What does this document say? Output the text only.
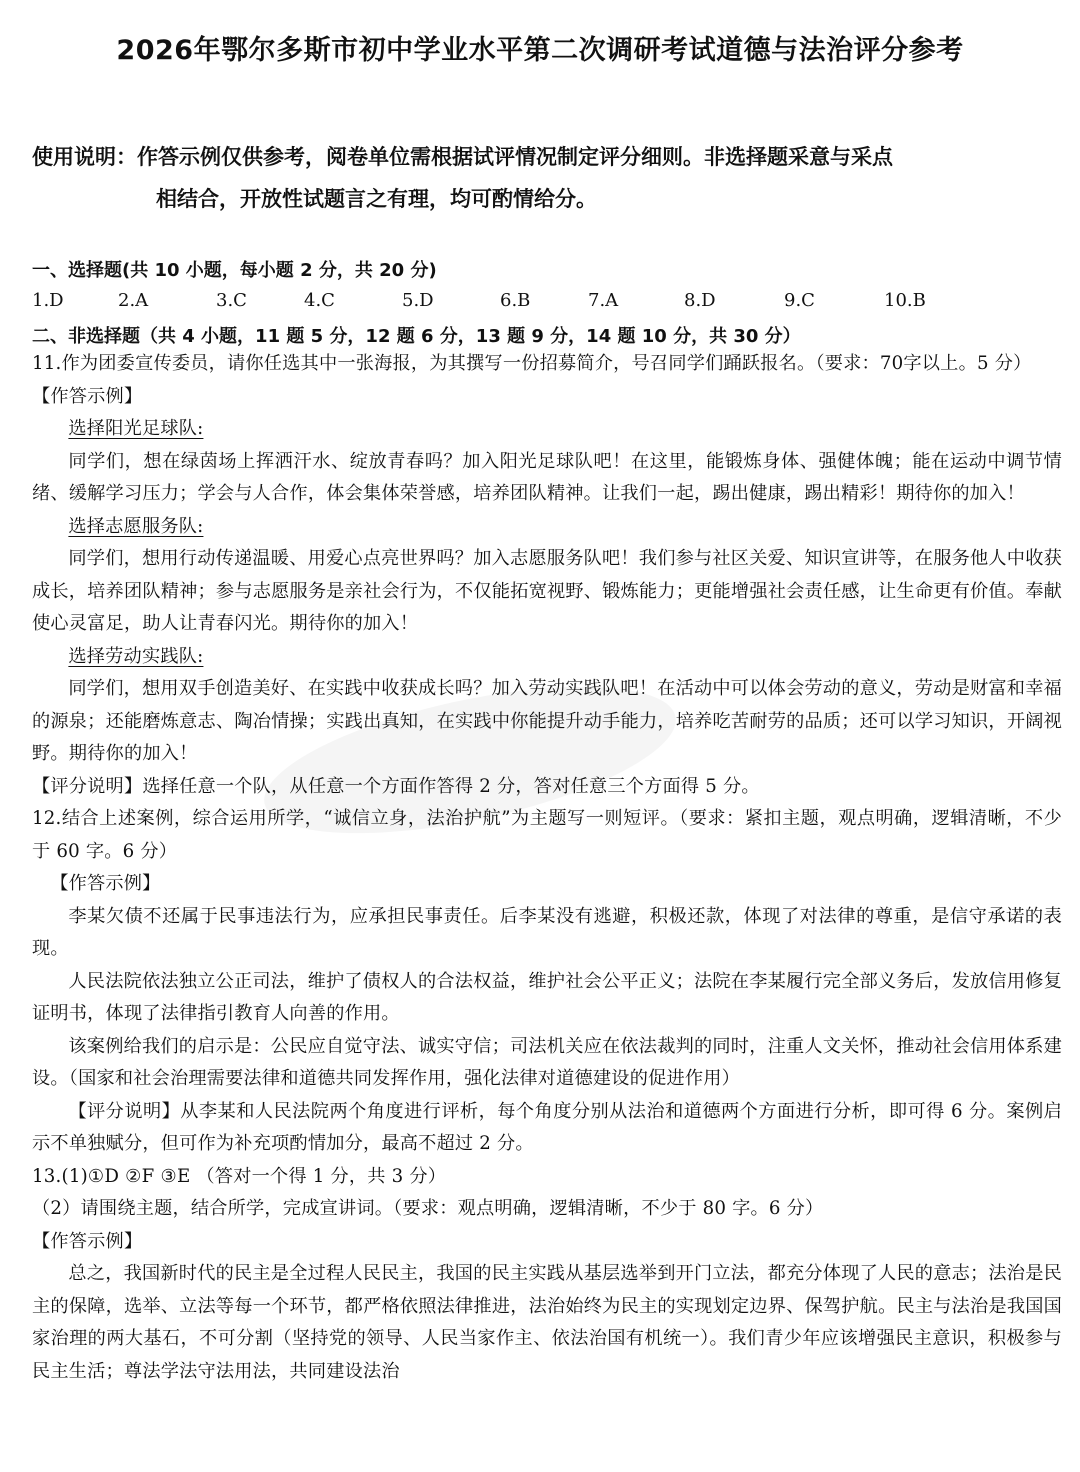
2026年鄂尔多斯市初中学业水平第二次调研考试道德与法治评分参考
使用说明：作答示例仅供参考，阅卷单位需根据试评情况制定评分细则。非选择题采意与采点
相结合，开放性试题言之有理，均可酌情给分。
一、选择题(共 10 小题，每小题 2 分，共 20 分)
1.D	2.A	3.C	4.C	5.D	6.B	7.A	8.D	9.C	10.B
二、非选择题（共 4 小题，11 题 5 分，12 题 6 分，13 题 9 分，14 题 10 分，共 30 分）

11.作为团委宣传委员，请你任选其中一张海报，为其撰写一份招募简介，号召同学们踊跃报名。（要求：70字以上。5 分）

【作答示例】

选择阳光足球队:

同学们，想在绿茵场上挥洒汗水、绽放青春吗？加入阳光足球队吧！在这里，能锻炼身体、强健体魄；能在运动中调节情绪、缓解学习压力；学会与人合作，体会集体荣誉感，培养团队精神。让我们一起，踢出健康，踢出精彩！期待你的加入！

选择志愿服务队:

同学们，想用行动传递温暖、用爱心点亮世界吗？加入志愿服务队吧！我们参与社区关爱、知识宣讲等，在服务他人中收获成长，培养团队精神；参与志愿服务是亲社会行为，不仅能拓宽视野、锻炼能力；更能增强社会责任感，让生命更有价值。奉献使心灵富足，助人让青春闪光。期待你的加入！

选择劳动实践队:

同学们，想用双手创造美好、在实践中收获成长吗？加入劳动实践队吧！在活动中可以体会劳动的意义，劳动是财富和幸福的源泉；还能磨炼意志、陶冶情操；实践出真知，在实践中你能提升动手能力，培养吃苦耐劳的品质；还可以学习知识，开阔视野。期待你的加入！

【评分说明】选择任意一个队，从任意一个方面作答得 2 分，答对任意三个方面得 5 分。

12.结合上述案例，综合运用所学，“诚信立身，法治护航”为主题写一则短评。（要求：紧扣主题，观点明确，逻辑清晰，不少于 60 字。6 分）

【作答示例】

李某欠债不还属于民事违法行为，应承担民事责任。后李某没有逃避，积极还款，体现了对法律的尊重，是信守承诺的表现。

人民法院依法独立公正司法，维护了债权人的合法权益，维护社会公平正义；法院在李某履行完全部义务后，发放信用修复证明书，体现了法律指引教育人向善的作用。

该案例给我们的启示是：公民应自觉守法、诚实守信；司法机关应在依法裁判的同时，注重人文关怀，推动社会信用体系建设。（国家和社会治理需要法律和道德共同发挥作用，强化法律对道德建设的促进作用）

【评分说明】从李某和人民法院两个角度进行评析，每个角度分别从法治和道德两个方面进行分析，即可得 6 分。案例启示不单独赋分，但可作为补充项酌情加分，最高不超过 2 分。

13.(1)①D ②F ③E （答对一个得 1 分，共 3 分）

（2）请围绕主题，结合所学，完成宣讲词。（要求：观点明确，逻辑清晰，不少于 80 字。6 分）

【作答示例】

总之，我国新时代的民主是全过程人民民主，我国的民主实践从基层选举到开门立法，都充分体现了人民的意志；法治是民主的保障，选举、立法等每一个环节，都严格依照法律推进，法治始终为民主的实现划定边界、保驾护航。民主与法治是我国国家治理的两大基石，不可分割（坚持党的领导、人民当家作主、依法治国有机统一）。我们青少年应该增强民主意识，积极参与民主生活；尊法学法守法用法，共同建设法治
